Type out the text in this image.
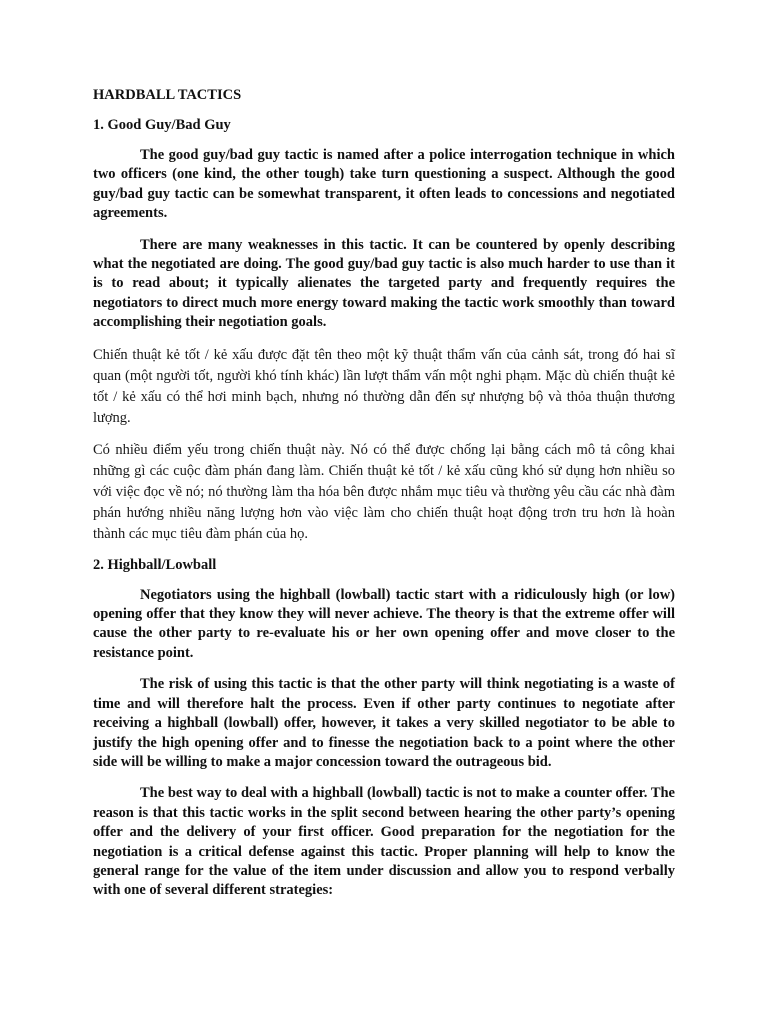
HARDBALL TACTICS
1. Good Guy/Bad Guy

The good guy/bad guy tactic is named after a police interrogation technique in which two officers (one kind, the other tough) take turn questioning a suspect. Although the good guy/bad guy tactic can be somewhat transparent, it often leads to concessions and negotiated agreements.

There are many weaknesses in this tactic. It can be countered by openly describing what the negotiated are doing. The good guy/bad guy tactic is also much harder to use than it is to read about; it typically alienates the targeted party and frequently requires the negotiators to direct much more energy toward making the tactic work smoothly than toward accomplishing their negotiation goals.

Chiến thuật kẻ tốt / kẻ xấu được đặt tên theo một kỹ thuật thẩm vấn của cảnh sát, trong đó hai sĩ quan (một người tốt, người khó tính khác) lần lượt thẩm vấn một nghi phạm. Mặc dù chiến thuật kẻ tốt / kẻ xấu có thể hơi minh bạch, nhưng nó thường dẫn đến sự nhượng bộ và thỏa thuận thương lượng.

Có nhiều điểm yếu trong chiến thuật này. Nó có thể được chống lại bằng cách mô tả công khai những gì các cuộc đàm phán đang làm. Chiến thuật kẻ tốt / kẻ xấu cũng khó sử dụng hơn nhiều so với việc đọc về nó; nó thường làm tha hóa bên được nhắm mục tiêu và thường yêu cầu các nhà đàm phán hướng nhiều năng lượng hơn vào việc làm cho chiến thuật hoạt động trơn tru hơn là hoàn thành các mục tiêu đàm phán của họ.

2. Highball/Lowball

Negotiators using the highball (lowball) tactic start with a ridiculously high (or low) opening offer that they know they will never achieve. The theory is that the extreme offer will cause the other party to re-evaluate his or her own opening offer and move closer to the resistance point.

The risk of using this tactic is that the other party will think negotiating is a waste of time and will therefore halt the process. Even if other party continues to negotiate after receiving a highball (lowball) offer, however, it takes a very skilled negotiator to be able to justify the high opening offer and to finesse the negotiation back to a point where the other side will be willing to make a major concession toward the outrageous bid.

The best way to deal with a highball (lowball) tactic is not to make a counter offer. The reason is that this tactic works in the split second between hearing the other party’s opening offer and the delivery of your first officer. Good preparation for the negotiation for the negotiation is a critical defense against this tactic. Proper planning will help to know the general range for the value of the item under discussion and allow you to respond verbally with one of several different strategies:
